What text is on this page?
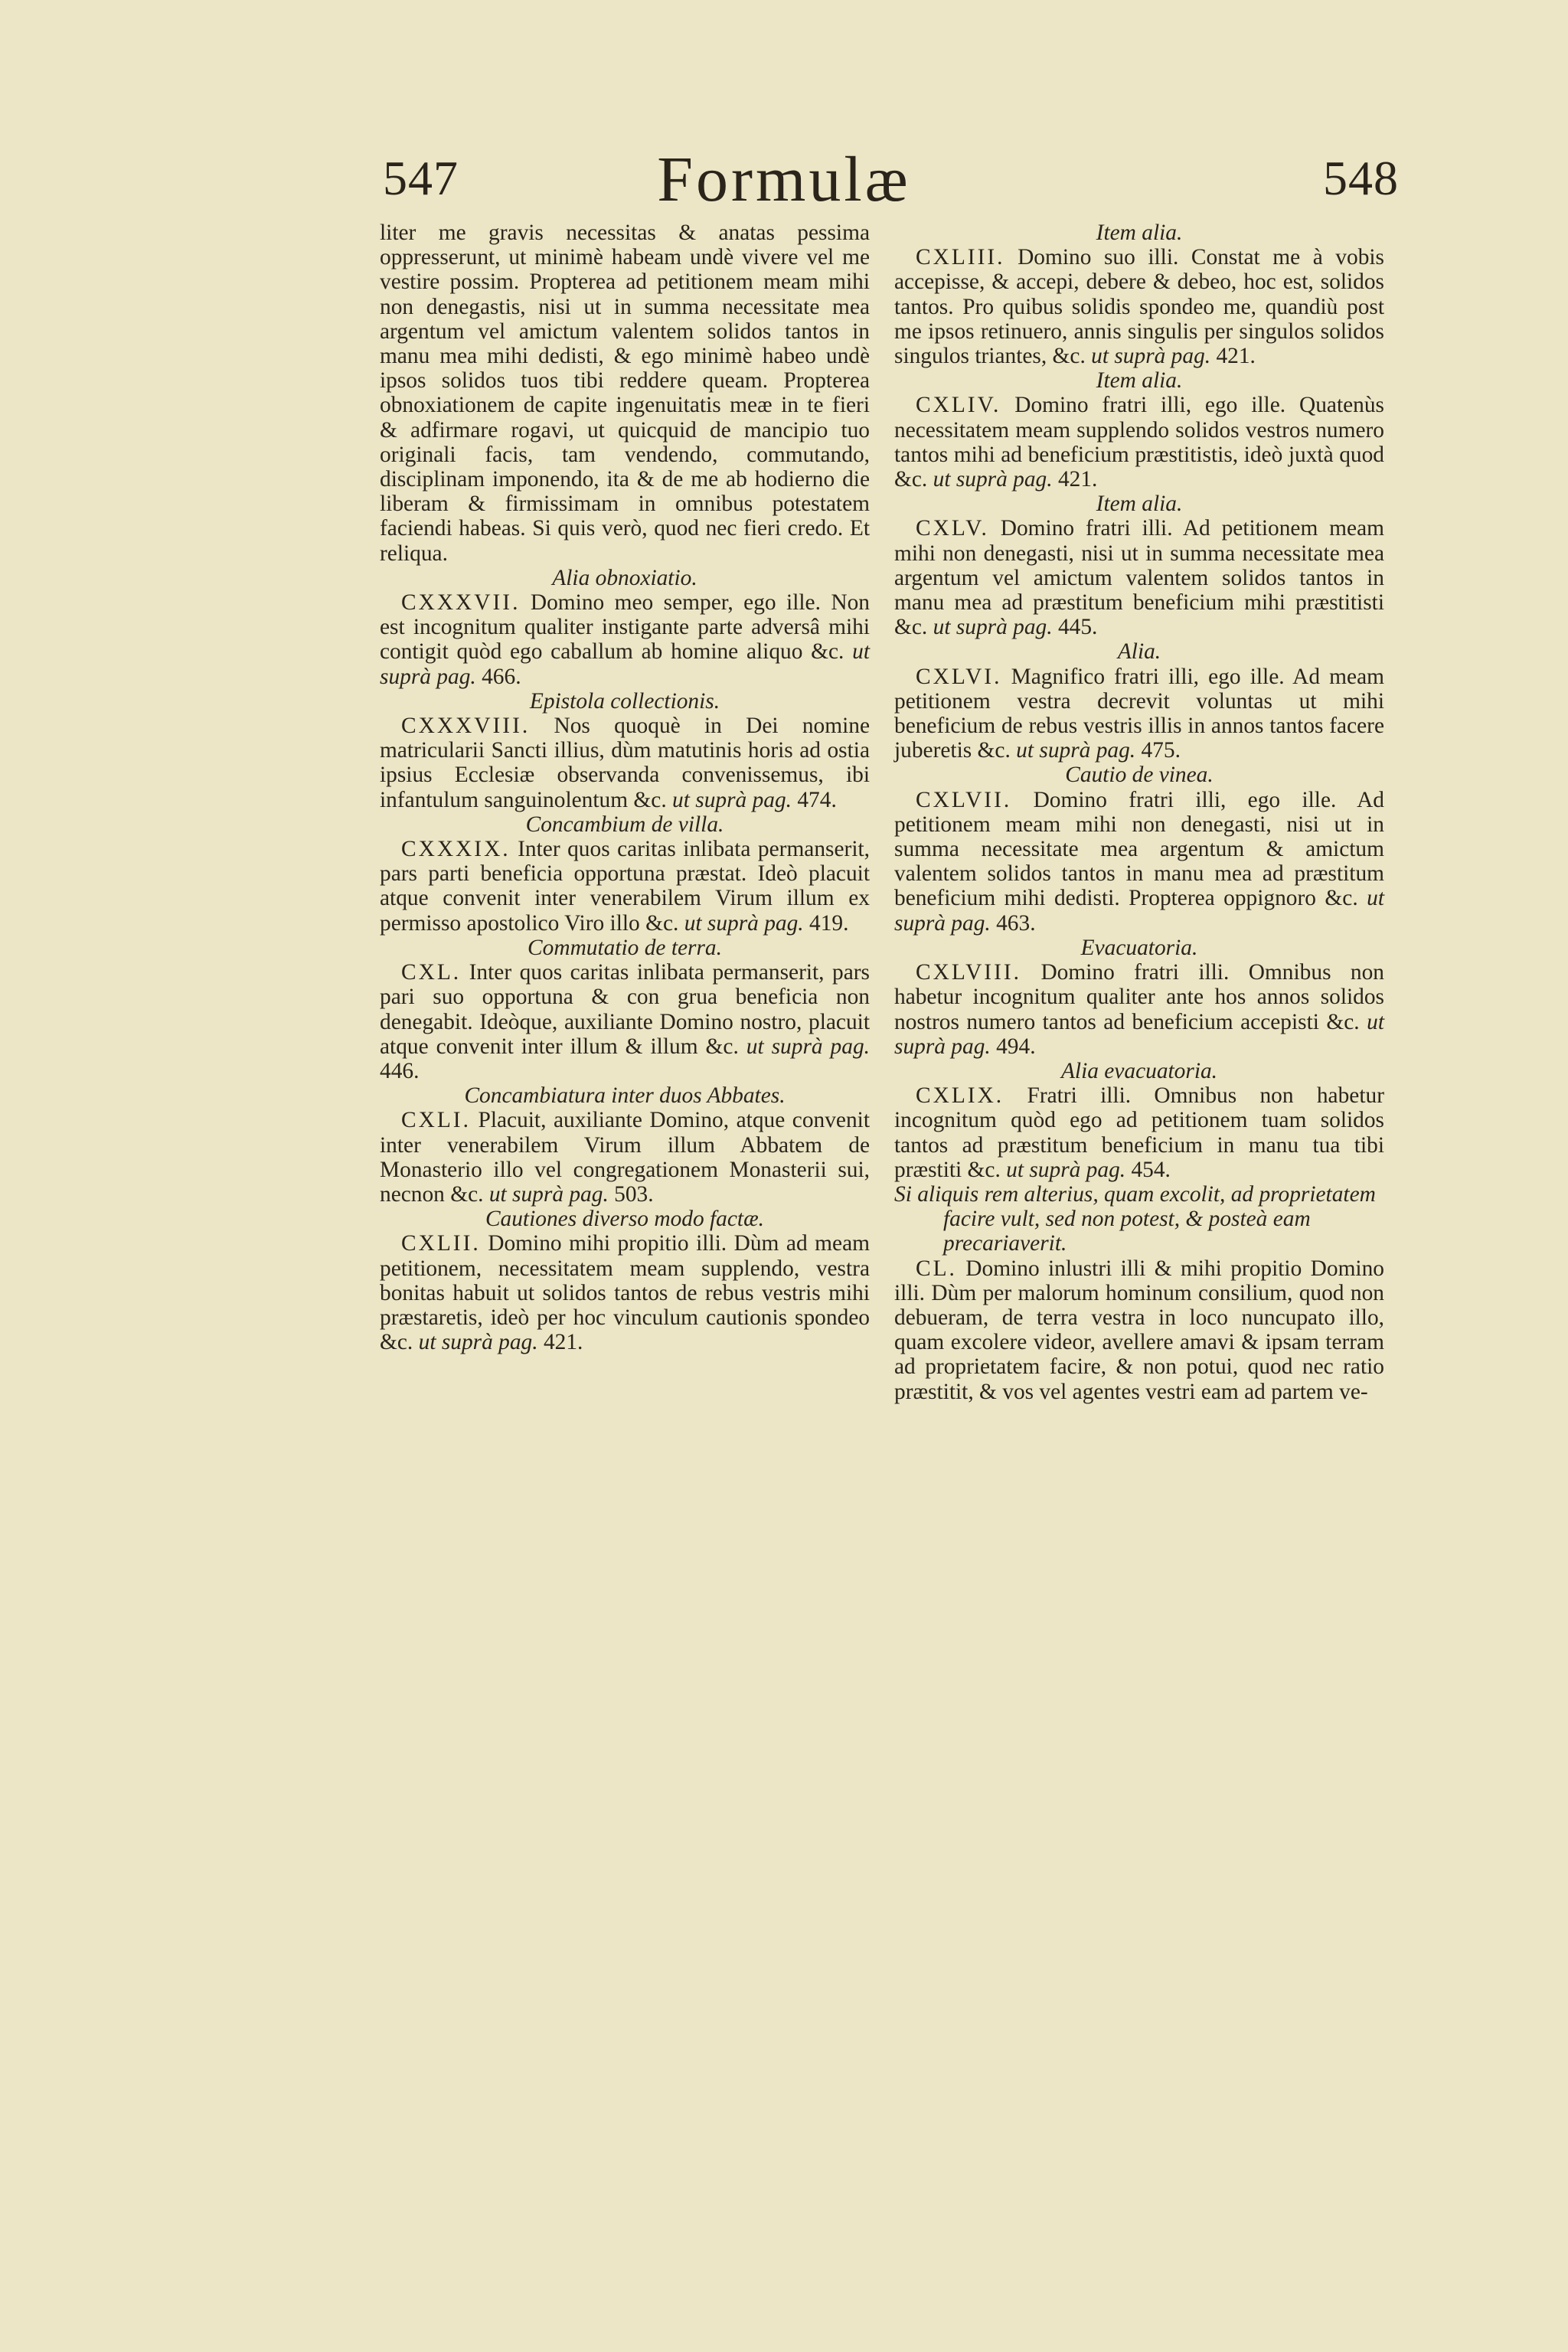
547	Formulæ	548

liter me gravis necessitas & anatas pessima oppresserunt, ut minimè habeam undè vivere vel me vestire possim. Propterea ad petitionem meam mihi non denegastis, nisi ut in summa necessitate mea argentum vel amictum valentem solidos tantos in manu mea mihi dedisti, & ego minimè habeo undè ipsos solidos tuos tibi reddere queam. Propterea obnoxiationem de capite ingenuitatis meæ in te fieri & adfirmare rogavi, ut quicquid de mancipio tuo originali facis, tam vendendo, commutando, disciplinam imponendo, ita & de me ab hodierno die liberam & firmissimam in omnibus potestatem faciendi habeas. Si quis verò, quod nec fieri credo. Et reliqua.

Alia obnoxiatio.

CXXXVII. Domino meo semper, ego ille. Non est incognitum qualiter instigante parte adversâ mihi contigit quòd ego caballum ab homine aliquo &c. ut suprà pag. 466.

Epistola collectionis.

CXXXVIII. Nos quoquè in Dei nomine matricularii Sancti illius, dùm matutinis horis ad ostia ipsius Ecclesiæ observanda convenissemus, ibi infantulum sanguinolentum &c. ut suprà pag. 474.

Concambium de villa.

CXXXIX. Inter quos caritas inlibata permanserit, pars parti beneficia opportuna præstat. Ideò placuit atque convenit inter venerabilem Virum illum ex permisso apostolico Viro illo &c. ut suprà pag. 419.

Commutatio de terra.

CXL. Inter quos caritas inlibata permanserit, pars pari suo opportuna & con grua beneficia non denegabit. Ideòque, auxiliante Domino nostro, placuit atque convenit inter illum & illum &c. ut suprà pag. 446.

Concambiatura inter duos Abbates.

CXLI. Placuit, auxiliante Domino, atque convenit inter venerabilem Virum illum Abbatem de Monasterio illo vel congregationem Monasterii sui, necnon &c. ut suprà pag. 503.

Cautiones diverso modo factæ.

CXLII. Domino mihi propitio illi. Dùm ad meam petitionem, necessitatem meam supplendo, vestra bonitas habuit ut solidos tantos de rebus vestris mihi præstaretis, ideò per hoc vinculum cautionis spondeo &c. ut suprà pag. 421.

Item alia.

CXLIII. Domino suo illi. Constat me à vobis accepisse, & accepi, debere & debeo, hoc est, solidos tantos. Pro quibus solidis spondeo me, quandiù post me ipsos retinuero, annis singulis per singulos solidos singulos triantes, &c. ut suprà pag. 421.

Item alia.

CXLIV. Domino fratri illi, ego ille. Quatenùs necessitatem meam supplendo solidos vestros numero tantos mihi ad beneficium præstitistis, ideò juxtà quod &c. ut suprà pag. 421.

Item alia.

CXLV. Domino fratri illi. Ad petitionem meam mihi non denegasti, nisi ut in summa necessitate mea argentum vel amictum valentem solidos tantos in manu mea ad præstitum beneficium mihi præstitisti &c. ut suprà pag. 445.

Alia.

CXLVI. Magnifico fratri illi, ego ille. Ad meam petitionem vestra decrevit voluntas ut mihi beneficium de rebus vestris illis in annos tantos facere juberetis &c. ut suprà pag. 475.

Cautio de vinea.

CXLVII. Domino fratri illi, ego ille. Ad petitionem meam mihi non denegasti, nisi ut in summa necessitate mea argentum & amictum valentem solidos tantos in manu mea ad præstitum beneficium mihi dedisti. Propterea oppignoro &c. ut suprà pag. 463.

Evacuatoria.

CXLVIII. Domino fratri illi. Omnibus non habetur incognitum qualiter ante hos annos solidos nostros numero tantos ad beneficium accepisti &c. ut suprà pag. 494.

Alia evacuatoria.

CXLIX. Fratri illi. Omnibus non habetur incognitum quòd ego ad petitionem tuam solidos tantos ad præstitum beneficium in manu tua tibi præstiti &c. ut suprà pag. 454.

Si aliquis rem alterius, quam excolit, ad proprietatem facire vult, sed non potest, & posteà eam precariaverit.

CL. Domino inlustri illi & mihi propitio Domino illi. Dùm per malorum hominum consilium, quod non debueram, de terra vestra in loco nuncupato illo, quam excolere videor, avellere amavi & ipsam terram ad proprietatem facire, & non potui, quod nec ratio præstitit, & vos vel agentes vestri eam ad partem ve-
